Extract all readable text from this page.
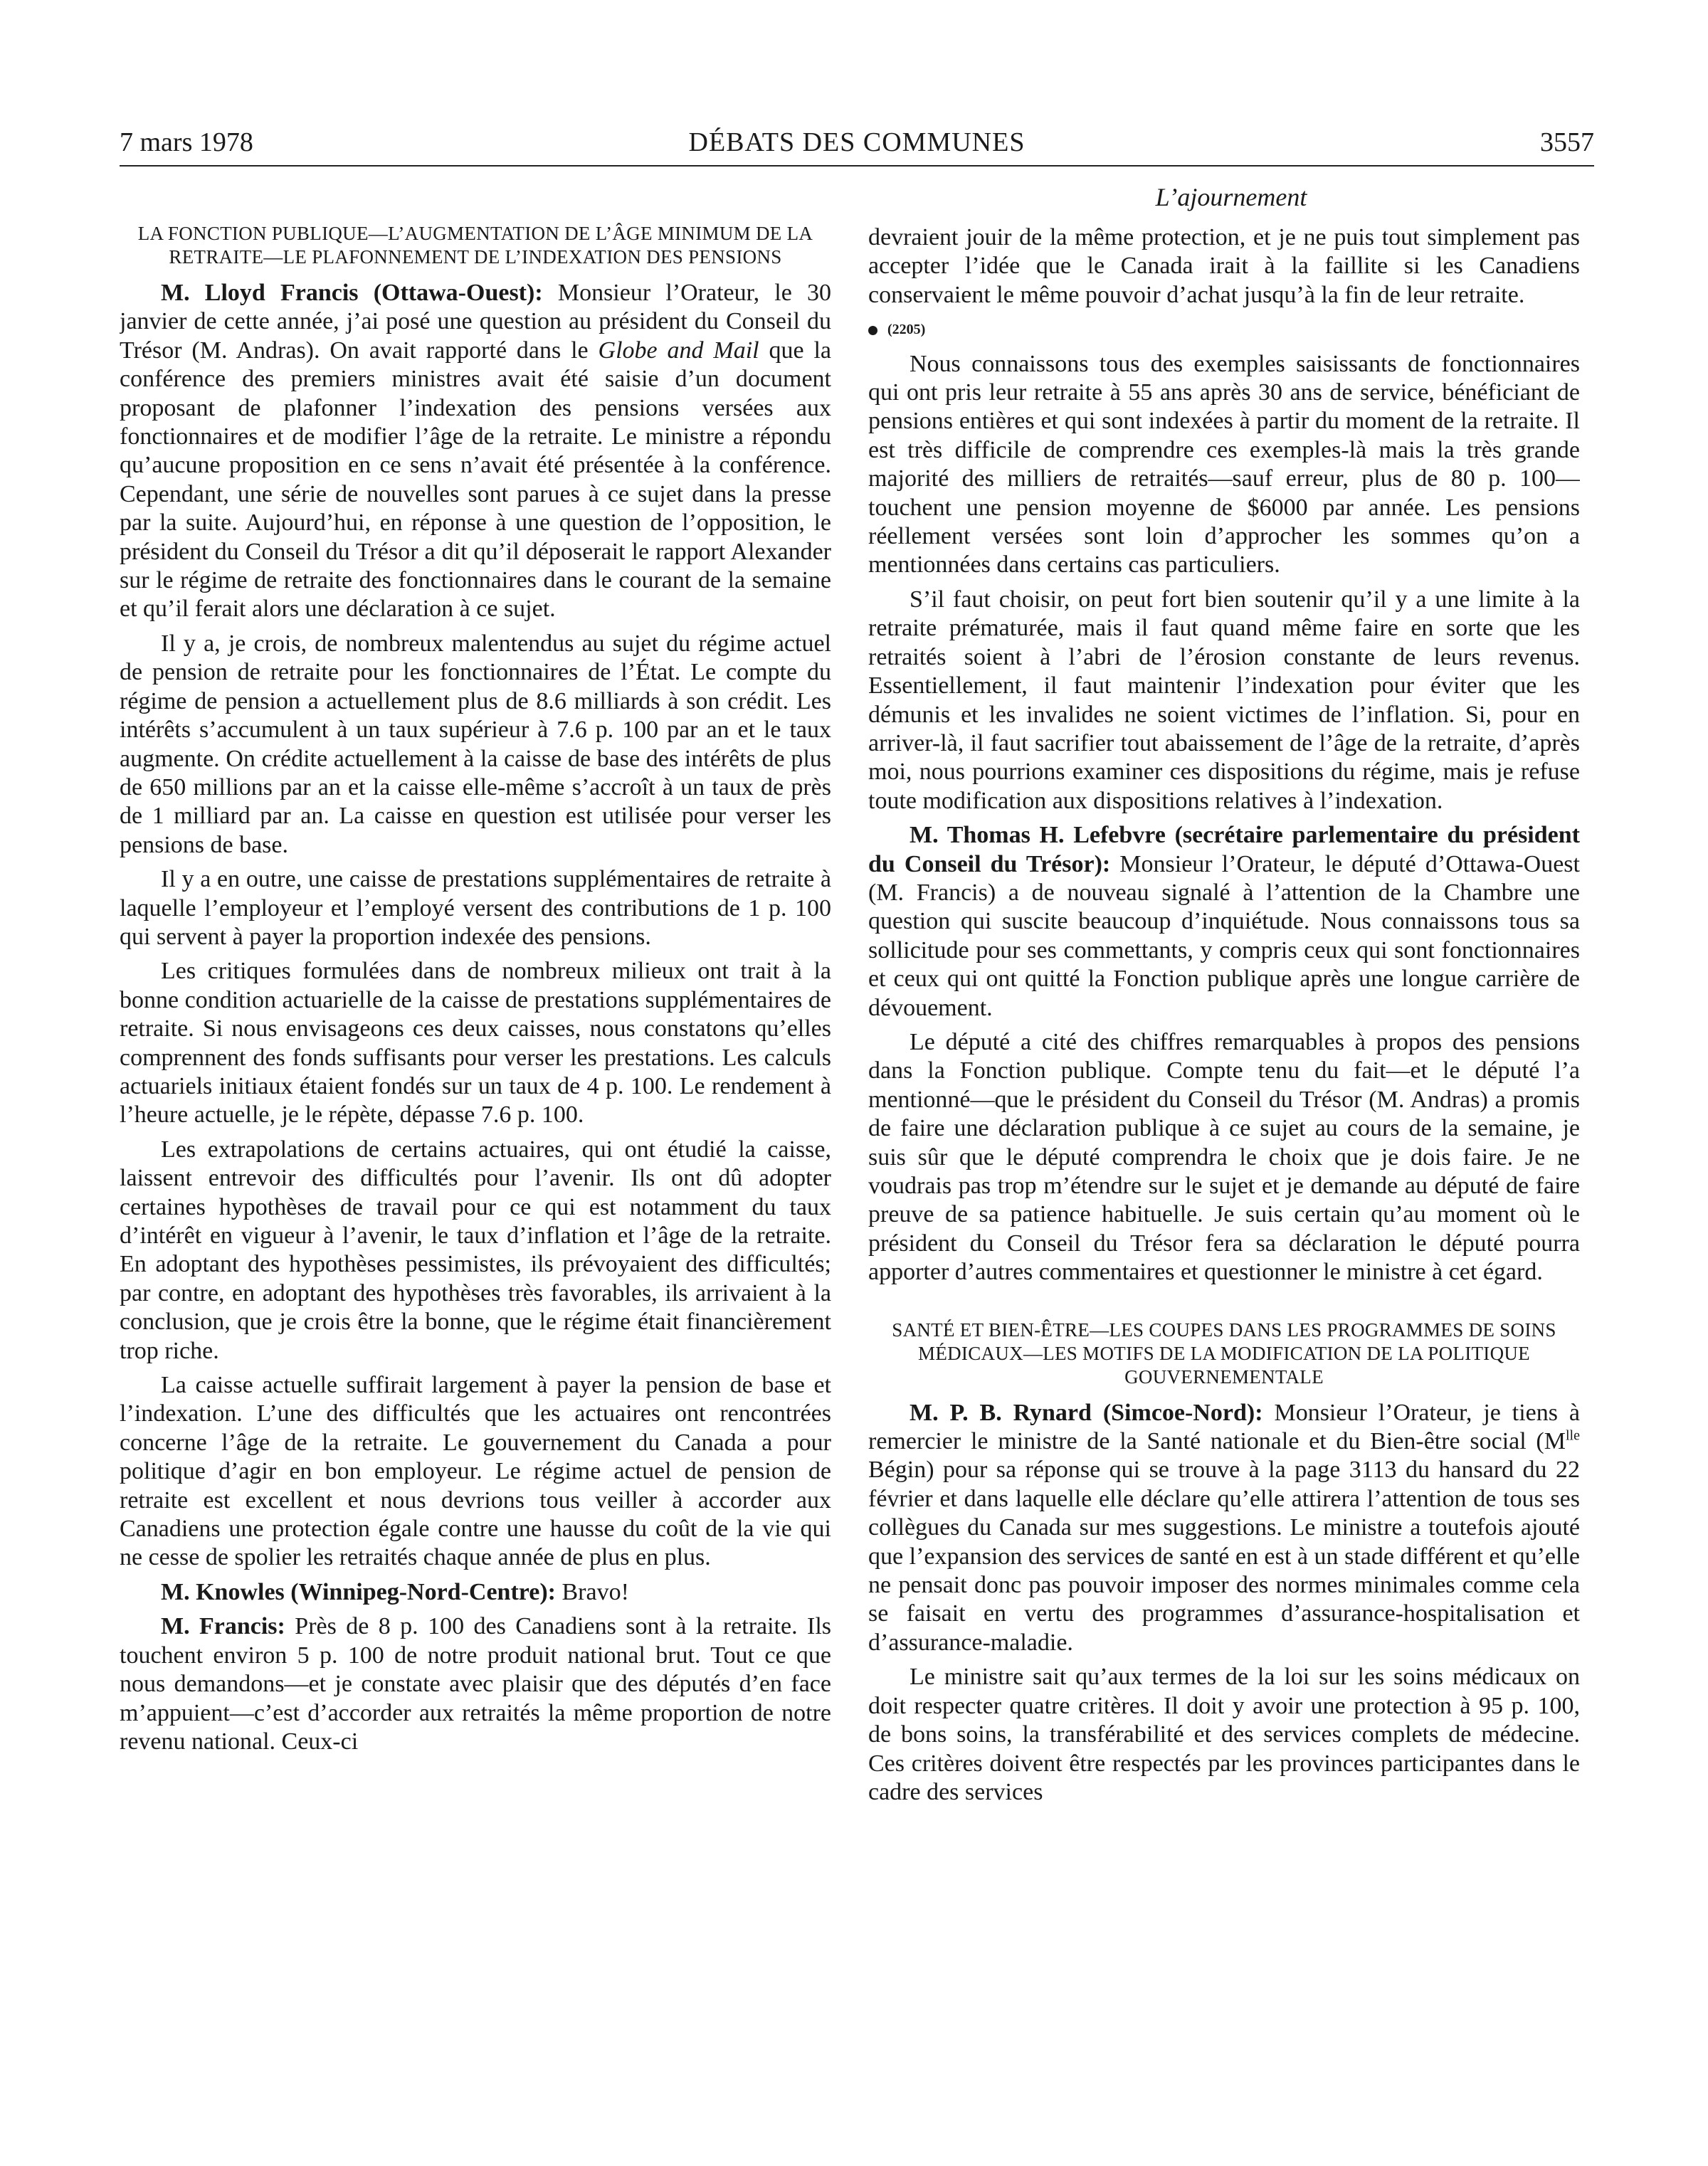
7 mars 1978	DÉBATS DES COMMUNES	3557
L’ajournement
LA FONCTION PUBLIQUE—L’AUGMENTATION DE L’ÂGE MINIMUM DE LA RETRAITE—LE PLAFONNEMENT DE L’INDEXATION DES PENSIONS

M. Lloyd Francis (Ottawa-Ouest): Monsieur l’Orateur, le 30 janvier de cette année, j’ai posé une question au président du Conseil du Trésor (M. Andras). On avait rapporté dans le Globe and Mail que la conférence des premiers ministres avait été saisie d’un document proposant de plafonner l’indexation des pensions versées aux fonctionnaires et de modifier l’âge de la retraite. Le ministre a répondu qu’aucune proposition en ce sens n’avait été présentée à la conférence. Cependant, une série de nouvelles sont parues à ce sujet dans la presse par la suite. Aujourd’hui, en réponse à une question de l’opposition, le président du Conseil du Trésor a dit qu’il déposerait le rapport Alexander sur le régime de retraite des fonctionnaires dans le courant de la semaine et qu’il ferait alors une déclaration à ce sujet.

Il y a, je crois, de nombreux malentendus au sujet du régime actuel de pension de retraite pour les fonctionnaires de l’État. Le compte du régime de pension a actuellement plus de 8.6 milliards à son crédit. Les intérêts s’accumulent à un taux supérieur à 7.6 p. 100 par an et le taux augmente. On crédite actuellement à la caisse de base des intérêts de plus de 650 millions par an et la caisse elle-même s’accroît à un taux de près de 1 milliard par an. La caisse en question est utilisée pour verser les pensions de base.

Il y a en outre, une caisse de prestations supplémentaires de retraite à laquelle l’employeur et l’employé versent des contributions de 1 p. 100 qui servent à payer la proportion indexée des pensions.

Les critiques formulées dans de nombreux milieux ont trait à la bonne condition actuarielle de la caisse de prestations supplémentaires de retraite. Si nous envisageons ces deux caisses, nous constatons qu’elles comprennent des fonds suffisants pour verser les prestations. Les calculs actuariels initiaux étaient fondés sur un taux de 4 p. 100. Le rendement à l’heure actuelle, je le répète, dépasse 7.6 p. 100.

Les extrapolations de certains actuaires, qui ont étudié la caisse, laissent entrevoir des difficultés pour l’avenir. Ils ont dû adopter certaines hypothèses de travail pour ce qui est notamment du taux d’intérêt en vigueur à l’avenir, le taux d’inflation et l’âge de la retraite. En adoptant des hypothèses pessimistes, ils prévoyaient des difficultés; par contre, en adoptant des hypothèses très favorables, ils arrivaient à la conclusion, que je crois être la bonne, que le régime était financièrement trop riche.

La caisse actuelle suffirait largement à payer la pension de base et l’indexation. L’une des difficultés que les actuaires ont rencontrées concerne l’âge de la retraite. Le gouvernement du Canada a pour politique d’agir en bon employeur. Le régime actuel de pension de retraite est excellent et nous devrions tous veiller à accorder aux Canadiens une protection égale contre une hausse du coût de la vie qui ne cesse de spolier les retraités chaque année de plus en plus.

M. Knowles (Winnipeg-Nord-Centre): Bravo!

M. Francis: Près de 8 p. 100 des Canadiens sont à la retraite. Ils touchent environ 5 p. 100 de notre produit national brut. Tout ce que nous demandons—et je constate avec plaisir que des députés d’en face m’appuient—c’est d’accorder aux retraités la même proportion de notre revenu national. Ceux-ci

devraient jouir de la même protection, et je ne puis tout simplement pas accepter l’idée que le Canada irait à la faillite si les Canadiens conservaient le même pouvoir d’achat jusqu’à la fin de leur retraite.

(2205)

Nous connaissons tous des exemples saisissants de fonctionnaires qui ont pris leur retraite à 55 ans après 30 ans de service, bénéficiant de pensions entières et qui sont indexées à partir du moment de la retraite. Il est très difficile de comprendre ces exemples-là mais la très grande majorité des milliers de retraités—sauf erreur, plus de 80 p. 100—touchent une pension moyenne de $6000 par année. Les pensions réellement versées sont loin d’approcher les sommes qu’on a mentionnées dans certains cas particuliers.

S’il faut choisir, on peut fort bien soutenir qu’il y a une limite à la retraite prématurée, mais il faut quand même faire en sorte que les retraités soient à l’abri de l’érosion constante de leurs revenus. Essentiellement, il faut maintenir l’indexation pour éviter que les démunis et les invalides ne soient victimes de l’inflation. Si, pour en arriver-là, il faut sacrifier tout abaissement de l’âge de la retraite, d’après moi, nous pourrions examiner ces dispositions du régime, mais je refuse toute modification aux dispositions relatives à l’indexation.

M. Thomas H. Lefebvre (secrétaire parlementaire du président du Conseil du Trésor): Monsieur l’Orateur, le député d’Ottawa-Ouest (M. Francis) a de nouveau signalé à l’attention de la Chambre une question qui suscite beaucoup d’inquiétude. Nous connaissons tous sa sollicitude pour ses commettants, y compris ceux qui sont fonctionnaires et ceux qui ont quitté la Fonction publique après une longue carrière de dévouement.

Le député a cité des chiffres remarquables à propos des pensions dans la Fonction publique. Compte tenu du fait—et le député l’a mentionné—que le président du Conseil du Trésor (M. Andras) a promis de faire une déclaration publique à ce sujet au cours de la semaine, je suis sûr que le député comprendra le choix que je dois faire. Je ne voudrais pas trop m’étendre sur le sujet et je demande au député de faire preuve de sa patience habituelle. Je suis certain qu’au moment où le président du Conseil du Trésor fera sa déclaration le député pourra apporter d’autres commentaires et questionner le ministre à cet égard.

SANTÉ ET BIEN-ÊTRE—LES COUPES DANS LES PROGRAMMES DE SOINS MÉDICAUX—LES MOTIFS DE LA MODIFICATION DE LA POLITIQUE GOUVERNEMENTALE

M. P. B. Rynard (Simcoe-Nord): Monsieur l’Orateur, je tiens à remercier le ministre de la Santé nationale et du Bien-être social ($M^{lle}$ Bégin) pour sa réponse qui se trouve à la page 3113 du hansard du 22 février et dans laquelle elle déclare qu’elle attirera l’attention de tous ses collègues du Canada sur mes suggestions. Le ministre a toutefois ajouté que l’expansion des services de santé en est à un stade différent et qu’elle ne pensait donc pas pouvoir imposer des normes minimales comme cela se faisait en vertu des programmes d’assurance-hospitalisation et d’assurance-maladie.

Le ministre sait qu’aux termes de la loi sur les soins médicaux on doit respecter quatre critères. Il doit y avoir une protection à 95 p. 100, de bons soins, la transférabilité et des services complets de médecine. Ces critères doivent être respectés par les provinces participantes dans le cadre des services
